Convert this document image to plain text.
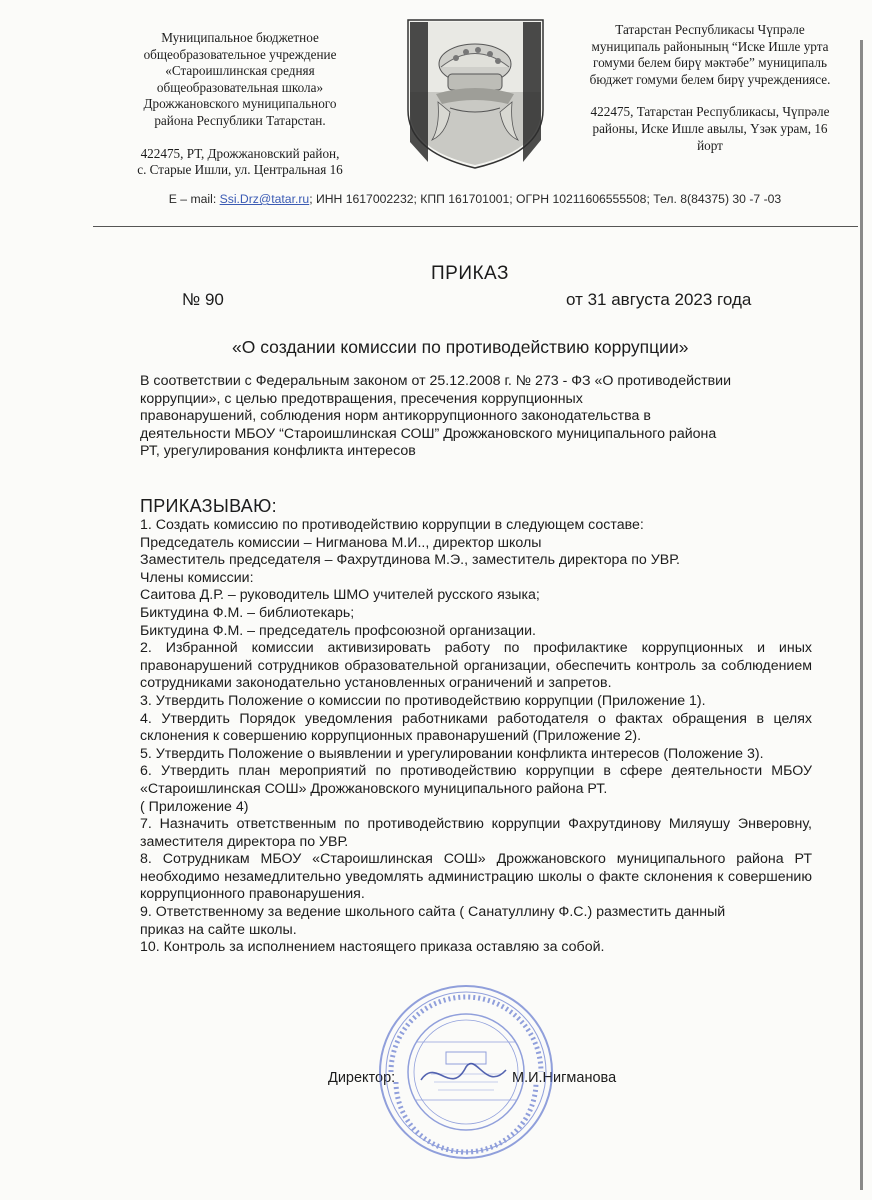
Муниципальное бюджетное
общеобразовательное учреждение
«Староишлинская средняя
общеобразовательная школа»
Дрожжановского муниципального
района Республики Татарстан.
422475, РТ, Дрожжановский район,
с. Старые Ишли, ул. Центральная 16
Татарстан Республикасы Чүпрәле
муниципаль районының “Иске Ишле урта
гомуми белем бирү мәктәбе” муниципаль
бюджет гомуми белем бирү учреждениясе.
422475, Татарстан Республикасы, Чүпрәле
районы, Иске Ишле авылы, Үзәк урам, 16
йорт
E – mail: Ssi.Drz@tatar.ru; ИНН 1617002232; КПП 161701001; ОГРН 10211606555508; Тел. 8(84375) 30 -7 -03
ПРИКАЗ
№ 90	от 31 августа 2023 года
«О создании комиссии по противодействию коррупции»
В соответствии с Федеральным законом от 25.12.2008 г. № 273 - ФЗ «О противодействии
коррупции», с целью предотвращения, пресечения коррупционных
правонарушений, соблюдения норм антикоррупционного законодательства в
деятельности МБОУ “Староишлинская СОШ” Дрожжановского муниципального района
РТ, урегулирования конфликта интересов
ПРИКАЗЫВАЮ:

1. Создать комиссию по противодействию коррупции в следующем составе:

Председатель комиссии – Нигманова М.И.., директор школы

Заместитель председателя – Фахрутдинова М.Э., заместитель директора по УВР.

Члены комиссии:

Саитова Д.Р. – руководитель ШМО учителей русского языка;

Биктудина Ф.М. – библиотекарь;

Биктудина Ф.М. – председатель профсоюзной организации.

2. Избранной комиссии активизировать работу по профилактике коррупционных и иных правонарушений сотрудников образовательной организации, обеспечить контроль за соблюдением сотрудниками законодательно установленных ограничений и запретов.

3. Утвердить Положение о комиссии по противодействию коррупции (Приложение 1).

4. Утвердить Порядок уведомления работниками работодателя о фактах обращения в целях склонения к совершению коррупционных правонарушений (Приложение 2).

5. Утвердить Положение о выявлении и урегулировании конфликта интересов (Положение 3).

6. Утвердить план мероприятий по противодействию коррупции в сфере деятельности МБОУ «Староишлинская СОШ» Дрожжановского муниципального района РТ.

( Приложение 4)

7. Назначить ответственным по противодействию коррупции Фахрутдинову Миляушу Энверовну, заместителя директора по УВР.

8. Сотрудникам МБОУ «Староишлинская СОШ» Дрожжановского муниципального района РТ необходимо незамедлительно уведомлять администрацию школы о факте склонения к совершению коррупционного правонарушения.

9. Ответственному за ведение школьного сайта ( Санатуллину Ф.С.) разместить данный

приказ на сайте школы.

10. Контроль за исполнением настоящего приказа оставляю за собой.

Директор:	М.И.Нигманова
